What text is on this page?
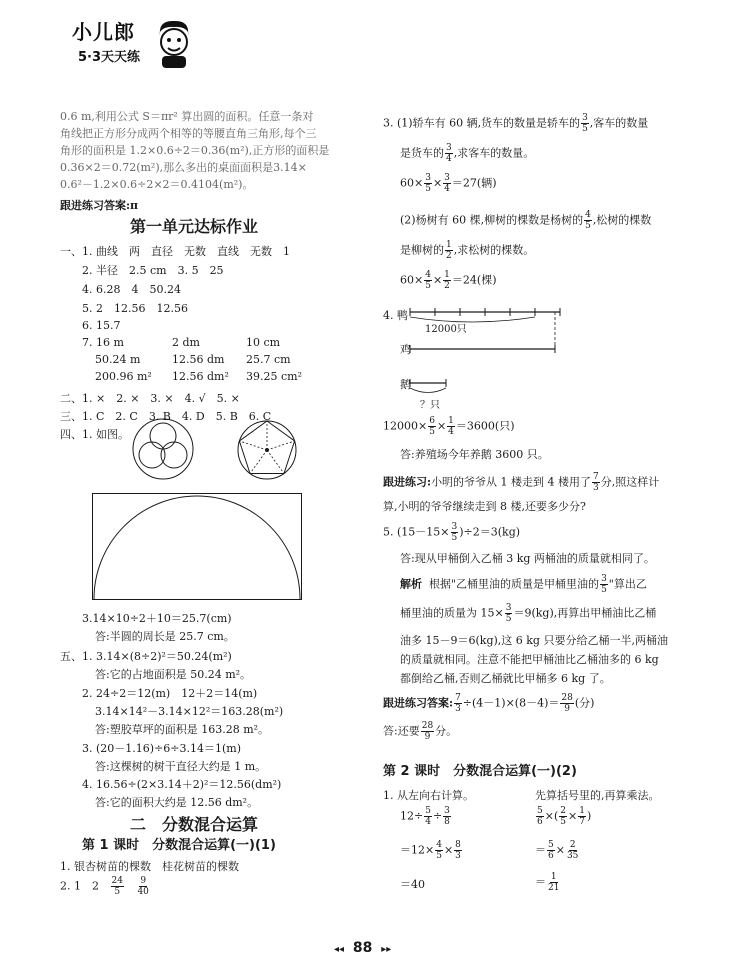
小儿郎
5·3天天练
0.6 m,利用公式 S＝πr² 算出圆的面积。任意一条对
角线把正方形分成两个相等的等腰直角三角形,每个三
角形的面积是 1.2×0.6÷2＝0.36(m²),正方形的面积是
0.36×2＝0.72(m²),那么多出的桌面面积是3.14×
0.6²－1.2×0.6÷2×2＝0.4104(m²)。
跟进练习答案:π
第一单元达标作业
一、1. 曲线　两　直径　无数　直线　无数　1
2. 半径　2.5 cm　3. 5　25
4. 6.28　4　50.24
5. 2　12.56　12.56
6. 15.7
7. 16 m	2 dm	10 cm
50.24 m	12.56 dm 25.7 cm
200.96 m² 12.56 dm² 39.25 cm²
二、1. ×　2. ×　3. ×　4. √　5. ×
三、1. C　2. C　3. B　4. D　5. B　6. C
四、1. 如图。
3.14×10÷2＋10＝25.7(cm)
答:半圆的周长是 25.7 cm。
五、1. 3.14×(8÷2)²＝50.24(m²)
答:它的占地面积是 50.24 m²。
2. 24÷2＝12(m)　12＋2＝14(m)
3.14×14²－3.14×12²＝163.28(m²)
答:塑胶草坪的面积是 163.28 m²。
3. (20－1.16)÷6÷3.14＝1(m)
答:这棵树的树干直径大约是 1 m。
4. 16.56÷(2×3.14＋2)²＝12.56(dm²)
答:它的面积大约是 12.56 dm²。
二　分数混合运算
第 1 课时　分数混合运算(一)(1)
1. 银杏树苗的棵数　桂花树苗的棵数
2. 1　$2 \frac{24}{5}$
$\frac{9}{40}$
3. (1)轿车有 60 辆,货车的数量是轿车的 $\frac{3}{5}$ ,客车的数量
是货车的 $\frac{3}{4}$ ,求客车的数量。
$60\times \frac{3}{5} \times \frac{3}{4} =27$(辆)
(2)杨树有 60 棵,柳树的棵数是杨树的 $\frac{4}{5}$ ,松树的棵数
是柳树的 $\frac{1}{2}$ ,求松树的棵数。
$60\times \frac{4}{5} \times \frac{1}{2} =24$(棵)
4. 鸭
12000只
鸡
鹅
？只
$12000\times \frac{6}{5} \times \frac{1}{4} =3600$(只)
答:养殖场今年养鹅 3600 只。
跟进练习:小明的爷爷从 1 楼走到 4 楼用了 $\frac{7}{3}$ 分,照这样计
算,小明的爷爷继续走到 8 楼,还要多少分?
5. $(15-15\times \frac{3}{5} )\div 2=3(kg)$
答:现从甲桶倒入乙桶 3 kg 两桶油的质量就相同了。
解析 根据"乙桶里油的质量是甲桶里油的 $\frac{3}{5}$ "算出乙
桶里油的质量为 $15\times \frac{3}{5} =9(kg)$,再算出甲桶油比乙桶
油多 15－9＝6(kg),这 6 kg 只要分给乙桶一半,两桶油
的质量就相同。注意不能把甲桶油比乙桶油多的 6 kg
都倒给乙桶,否则乙桶就比甲桶多 6 kg 了。
跟进练习答案: $\frac{7}{3} \div(4-1)\times(8-4)= \frac{28}{9}$ (分)
答:还要 $\frac{28}{9}$ 分。
第 2 课时　分数混合运算(一)(2)
1. 从左向右计算。	先算括号里的,再算乘法。
$12\div \frac{5}{4} \div \frac{3}{8}$
$=12\times \frac{4}{5} \times \frac{8}{3}$
＝40
$\frac{5}{6}$ ×( $\frac{2}{5} \times \frac{1}{7}$ )
＝ $\frac{5}{6} \times \frac{2}{35}$
＝ $\frac{1}{21}$
◂◂ 88 ▸▸
